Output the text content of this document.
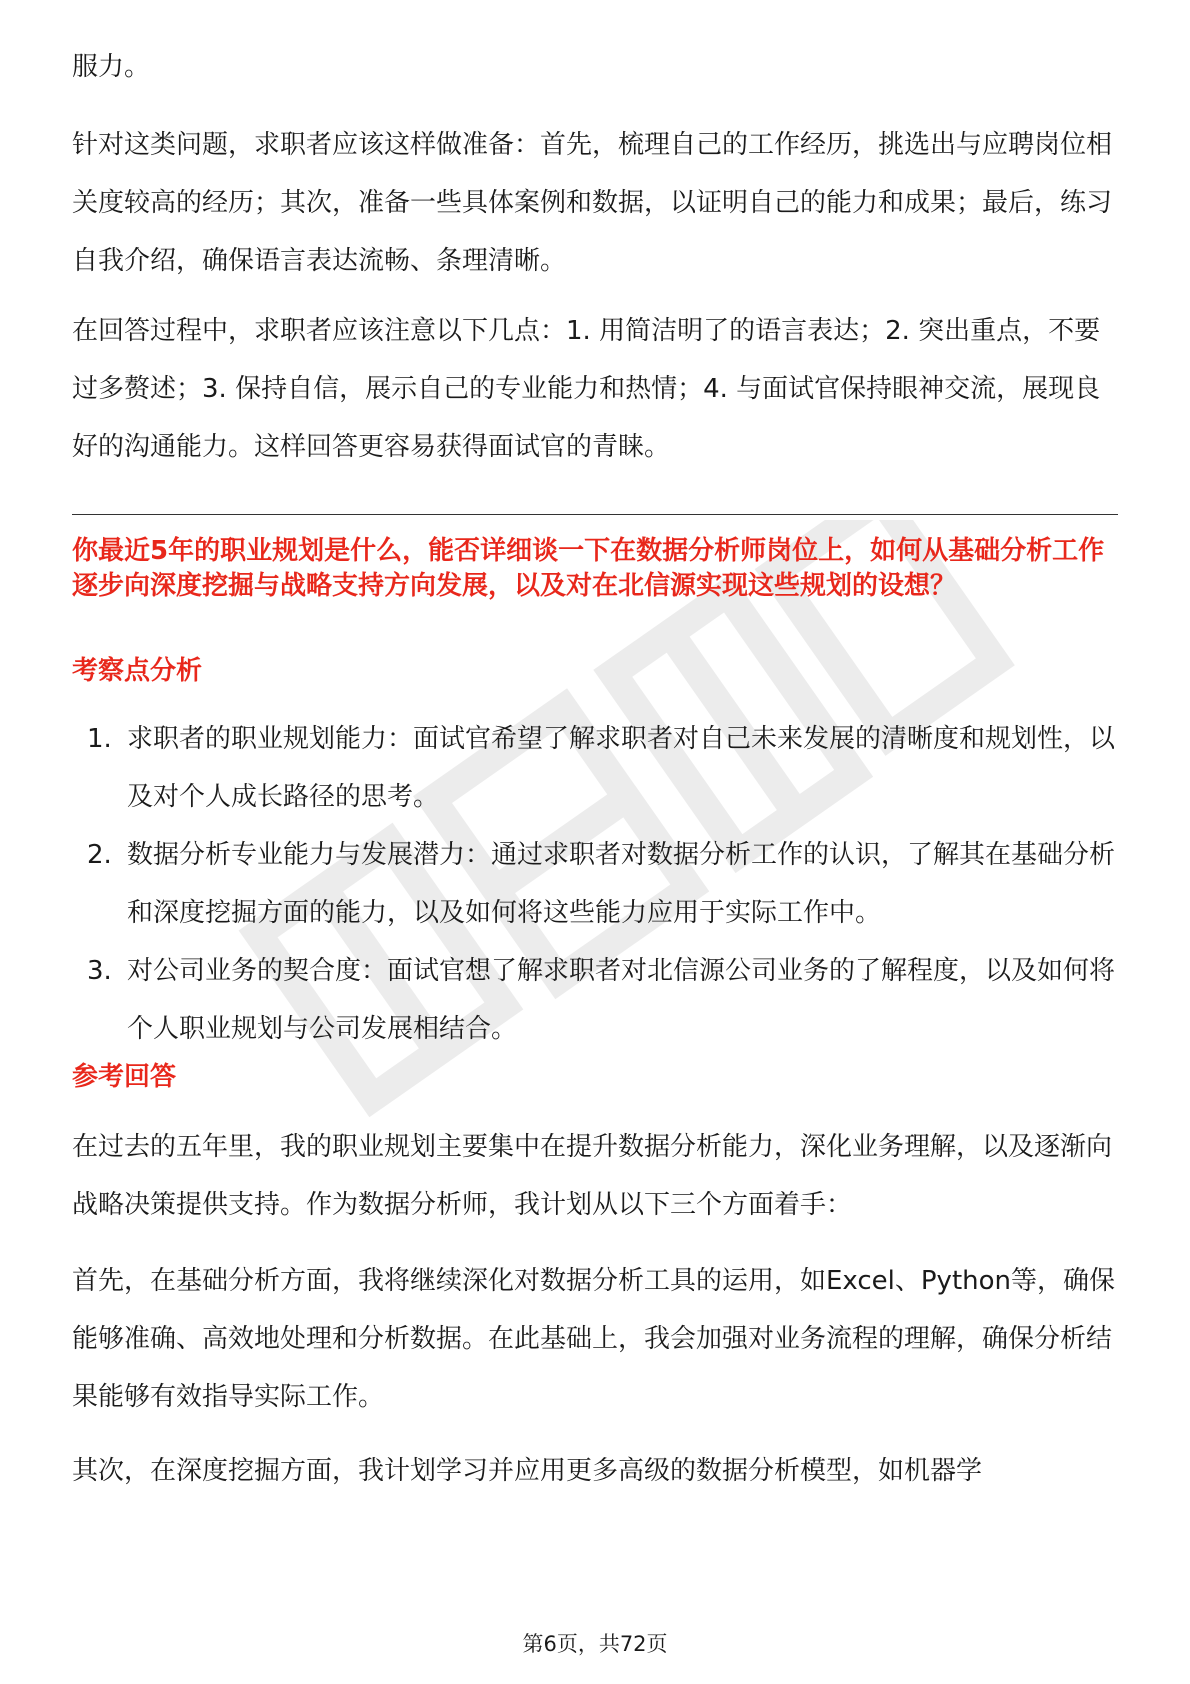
服力。

针对这类问题，求职者应该这样做准备：首先，梳理自己的工作经历，挑选出与应聘岗位相关度较高的经历；其次，准备一些具体案例和数据，以证明自己的能力和成果；最后，练习自我介绍，确保语言表达流畅、条理清晰。

在回答过程中，求职者应该注意以下几点：1. 用简洁明了的语言表达；2. 突出重点，不要过多赘述；3. 保持自信，展示自己的专业能力和热情；4. 与面试官保持眼神交流，展现良好的沟通能力。这样回答更容易获得面试官的青睐。

你最近5年的职业规划是什么，能否详细谈一下在数据分析师岗位上，如何从基础分析工作逐步向深度挖掘与战略支持方向发展，以及对在北信源实现这些规划的设想？

考察点分析

1. 求职者的职业规划能力：面试官希望了解求职者对自己未来发展的清晰度和规划性，以及对个人成长路径的思考。
2. 数据分析专业能力与发展潜力：通过求职者对数据分析工作的认识，了解其在基础分析和深度挖掘方面的能力，以及如何将这些能力应用于实际工作中。
3. 对公司业务的契合度：面试官想了解求职者对北信源公司业务的了解程度，以及如何将个人职业规划与公司发展相结合。

参考回答

在过去的五年里，我的职业规划主要集中在提升数据分析能力，深化业务理解，以及逐渐向战略决策提供支持。作为数据分析师，我计划从以下三个方面着手：

首先，在基础分析方面，我将继续深化对数据分析工具的运用，如Excel、Python等，确保能够准确、高效地处理和分析数据。在此基础上，我会加强对业务流程的理解，确保分析结果能够有效指导实际工作。

其次，在深度挖掘方面，我计划学习并应用更多高级的数据分析模型，如机器学

第6页，共72页
